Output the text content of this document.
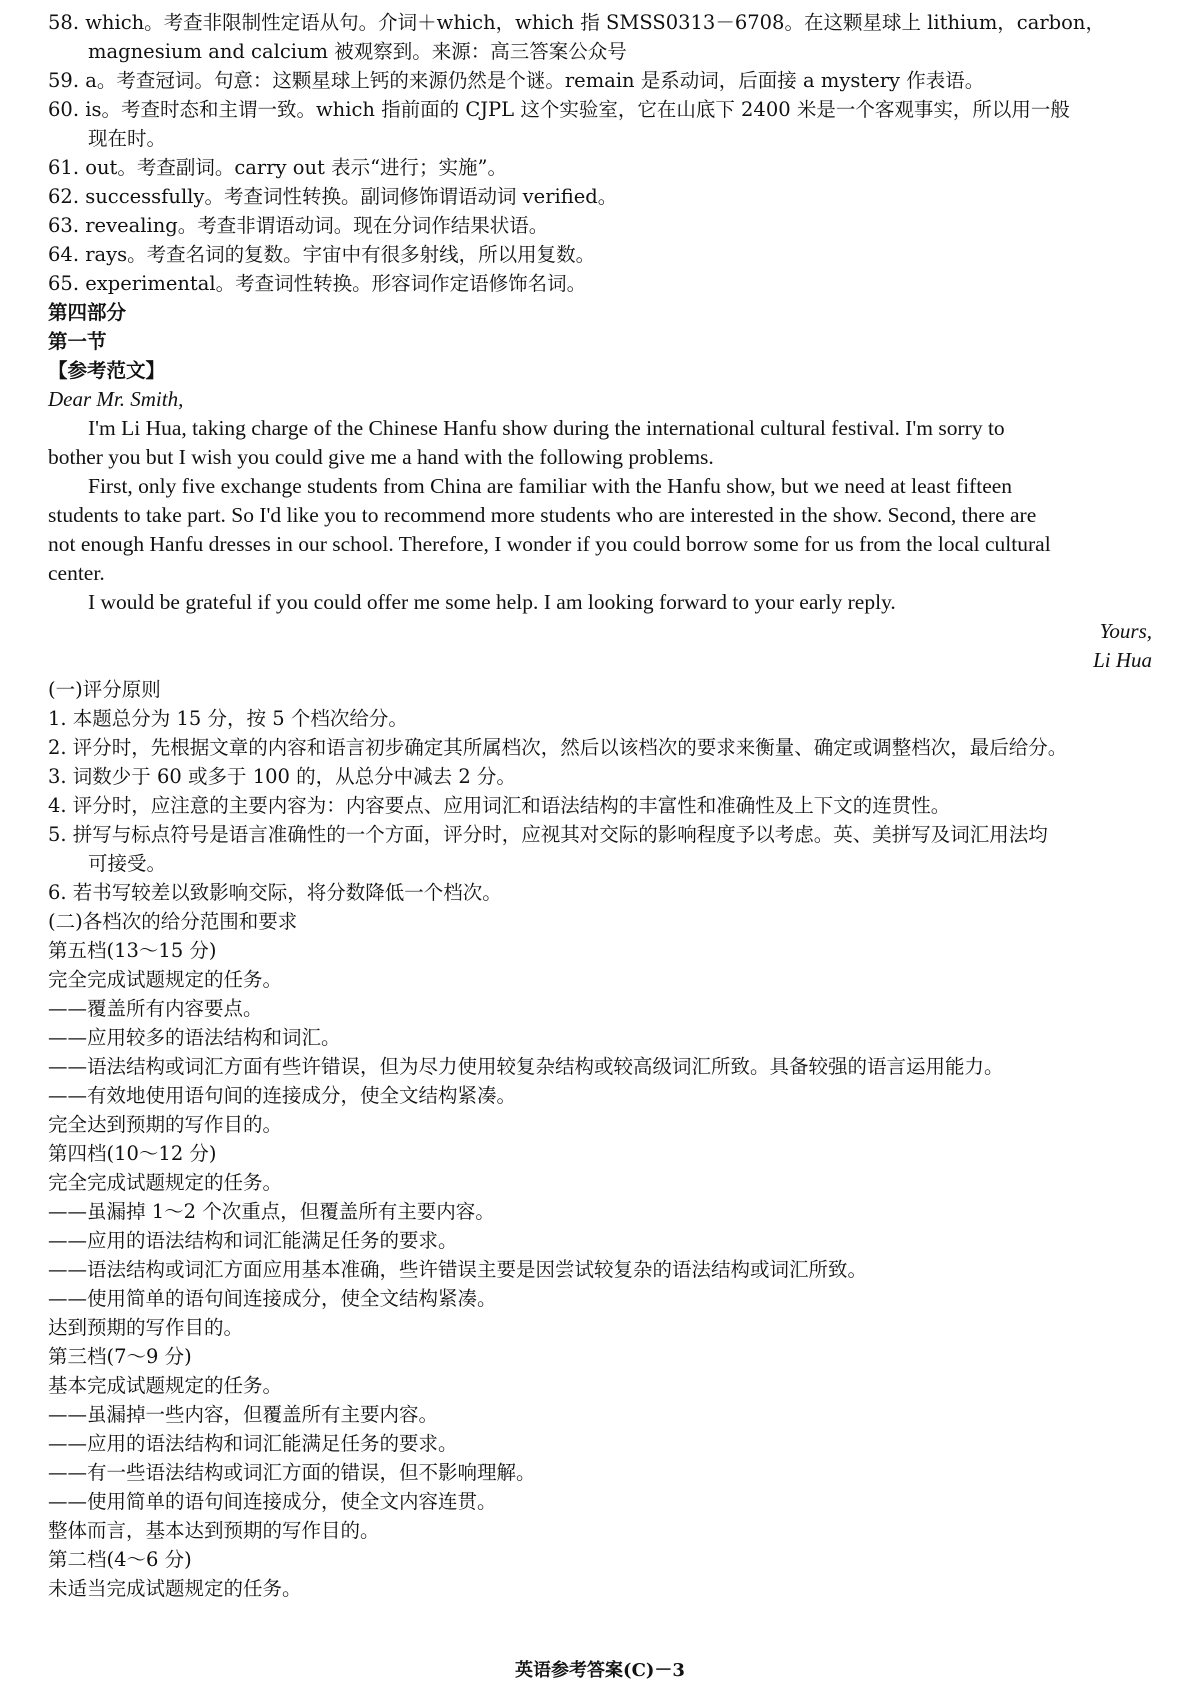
58. which。考查非限制性定语从句。介词＋which，which 指 SMSS0313－6708。在这颗星球上 lithium，carbon，
magnesium and calcium 被观察到。来源：高三答案公众号
59. a。考查冠词。句意：这颗星球上钙的来源仍然是个谜。remain 是系动词，后面接 a mystery 作表语。
60. is。考查时态和主谓一致。which 指前面的 CJPL 这个实验室，它在山底下 2400 米是一个客观事实，所以用一般
现在时。
61. out。考查副词。carry out 表示“进行；实施”。
62. successfully。考查词性转换。副词修饰谓语动词 verified。
63. revealing。考查非谓语动词。现在分词作结果状语。
64. rays。考查名词的复数。宇宙中有很多射线，所以用复数。
65. experimental。考查词性转换。形容词作定语修饰名词。
第四部分
第一节
【参考范文】
Dear Mr. Smith,
I'm Li Hua, taking charge of the Chinese Hanfu show during the international cultural festival. I'm sorry to
bother you but I wish you could give me a hand with the following problems.
First, only five exchange students from China are familiar with the Hanfu show, but we need at least fifteen
students to take part. So I'd like you to recommend more students who are interested in the show. Second, there are
not enough Hanfu dresses in our school. Therefore, I wonder if you could borrow some for us from the local cultural
center.
I would be grateful if you could offer me some help. I am looking forward to your early reply.
Yours,
Li Hua
(一)评分原则
1. 本题总分为 15 分，按 5 个档次给分。
2. 评分时，先根据文章的内容和语言初步确定其所属档次，然后以该档次的要求来衡量、确定或调整档次，最后给分。
3. 词数少于 60 或多于 100 的，从总分中减去 2 分。
4. 评分时，应注意的主要内容为：内容要点、应用词汇和语法结构的丰富性和准确性及上下文的连贯性。
5. 拼写与标点符号是语言准确性的一个方面，评分时，应视其对交际的影响程度予以考虑。英、美拼写及词汇用法均
可接受。
6. 若书写较差以致影响交际，将分数降低一个档次。
(二)各档次的给分范围和要求
第五档(13～15 分)
完全完成试题规定的任务。
——覆盖所有内容要点。
——应用较多的语法结构和词汇。
——语法结构或词汇方面有些许错误，但为尽力使用较复杂结构或较高级词汇所致。具备较强的语言运用能力。
——有效地使用语句间的连接成分，使全文结构紧凑。
完全达到预期的写作目的。
第四档(10～12 分)
完全完成试题规定的任务。
——虽漏掉 1～2 个次重点，但覆盖所有主要内容。
——应用的语法结构和词汇能满足任务的要求。
——语法结构或词汇方面应用基本准确，些许错误主要是因尝试较复杂的语法结构或词汇所致。
——使用简单的语句间连接成分，使全文结构紧凑。
达到预期的写作目的。
第三档(7～9 分)
基本完成试题规定的任务。
——虽漏掉一些内容，但覆盖所有主要内容。
——应用的语法结构和词汇能满足任务的要求。
——有一些语法结构或词汇方面的错误，但不影响理解。
——使用简单的语句间连接成分，使全文内容连贯。
整体而言，基本达到预期的写作目的。
第二档(4～6 分)
未适当完成试题规定的任务。
英语参考答案(C)－3
